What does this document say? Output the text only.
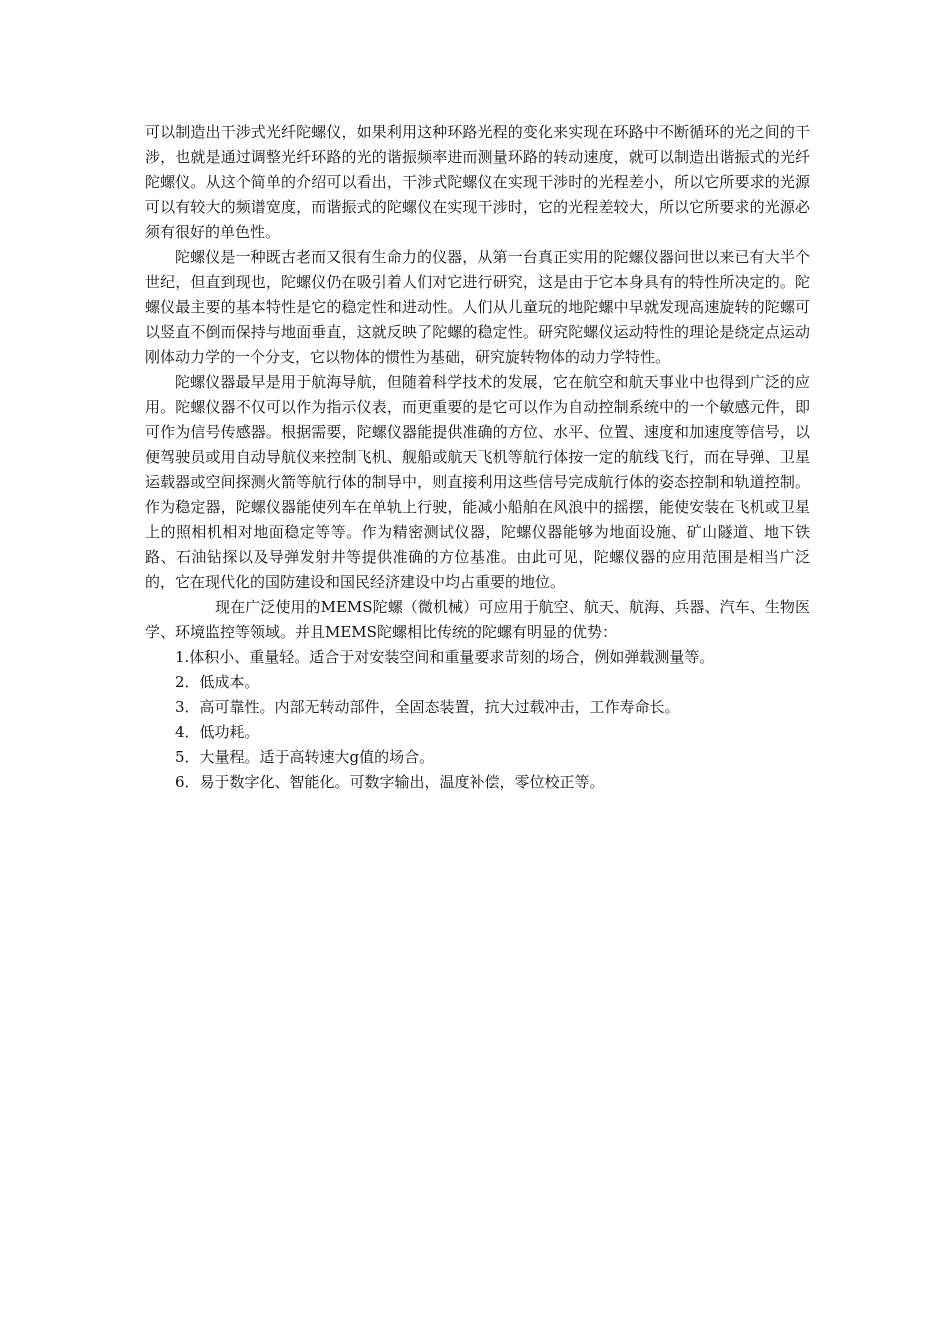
可以制造出干涉式光纤陀螺仪，如果利用这种环路光程的变化来实现在环路中不断循环的光之间的干涉，也就是通过调整光纤环路的光的谐振频率进而测量环路的转动速度，就可以制造出谐振式的光纤陀螺仪。从这个简单的介绍可以看出，干涉式陀螺仪在实现干涉时的光程差小，所以它所要求的光源可以有较大的频谱宽度，而谐振式的陀螺仪在实现干涉时，它的光程差较大，所以它所要求的光源必须有很好的单色性。

陀螺仪是一种既古老而又很有生命力的仪器，从第一台真正实用的陀螺仪器问世以来已有大半个世纪，但直到现也，陀螺仪仍在吸引着人们对它进行研究，这是由于它本身具有的特性所决定的。陀螺仪最主要的基本特性是它的稳定性和进动性。人们从儿童玩的地陀螺中早就发现高速旋转的陀螺可以竖直不倒而保持与地面垂直，这就反映了陀螺的稳定性。研究陀螺仪运动特性的理论是绕定点运动刚体动力学的一个分支，它以物体的惯性为基础，研究旋转物体的动力学特性。

陀螺仪器最早是用于航海导航，但随着科学技术的发展，它在航空和航天事业中也得到广泛的应用。陀螺仪器不仅可以作为指示仪表，而更重要的是它可以作为自动控制系统中的一个敏感元件，即可作为信号传感器。根据需要，陀螺仪器能提供准确的方位、水平、位置、速度和加速度等信号，以便驾驶员或用自动导航仪来控制飞机、舰船或航天飞机等航行体按一定的航线飞行，而在导弹、卫星运载器或空间探测火箭等航行体的制导中，则直接利用这些信号完成航行体的姿态控制和轨道控制。作为稳定器，陀螺仪器能使列车在单轨上行驶，能减小船舶在风浪中的摇摆，能使安装在飞机或卫星上的照相机相对地面稳定等等。作为精密测试仪器，陀螺仪器能够为地面设施、矿山隧道、地下铁路、石油钻探以及导弹发射井等提供准确的方位基准。由此可见，陀螺仪器的应用范围是相当广泛的，它在现代化的国防建设和国民经济建设中均占重要的地位。

现在广泛使用的MEMS陀螺（微机械）可应用于航空、航天、航海、兵器、汽车、生物医学、环境监控等领域。并且MEMS陀螺相比传统的陀螺有明显的优势：

1.体积小、重量轻。适合于对安装空间和重量要求苛刻的场合，例如弹载测量等。
2．低成本。
3．高可靠性。内部无转动部件，全固态装置，抗大过载冲击，工作寿命长。
4．低功耗。
5．大量程。适于高转速大g值的场合。
6．易于数字化、智能化。可数字输出，温度补偿，零位校正等。
